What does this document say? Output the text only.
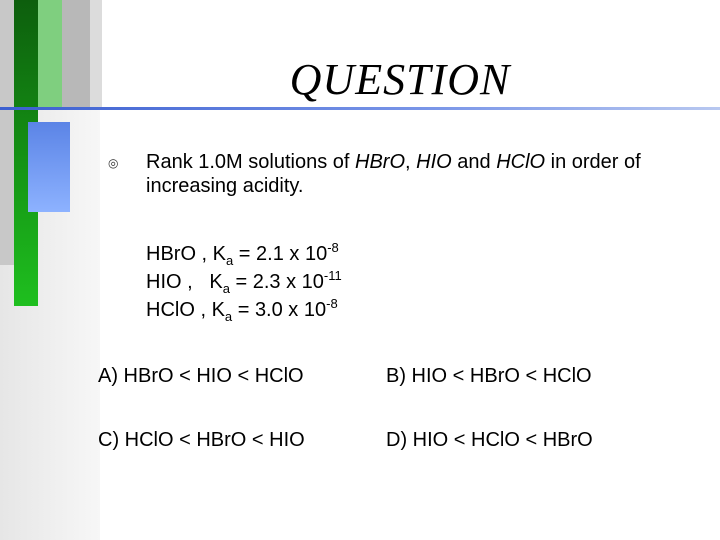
QUESTION
◎ Rank 1.0M solutions of HBrO, HIO and HClO in order of increasing acidity.
HBrO , $K_a = 2.1$ x $10^{-8}$
HIO ,   $K_a = 2.3$ x $10^{-11}$
HClO , $K_a = 3.0$ x $10^{-8}$
A) HBrO < HIO < HClO	B) HIO < HBrO < HClO
C) HClO < HBrO < HIO	D) HIO < HClO < HBrO
